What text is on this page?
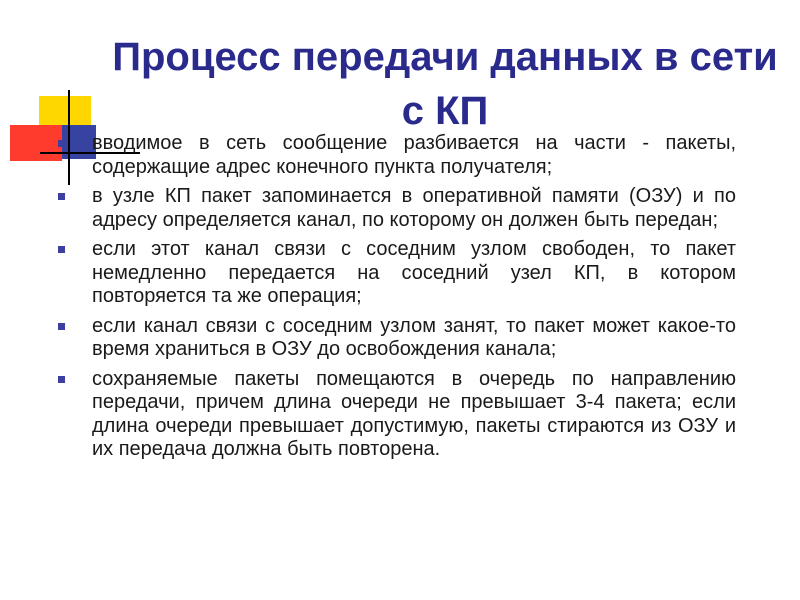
Процесс передачи данных в сети с КП
вводимое в сеть сообщение разбивается на части - пакеты, содержащие адрес конечного пункта получателя;
в узле КП пакет запоминается в оперативной памяти (ОЗУ) и по адресу определяется канал, по которому он должен быть передан;
если этот канал связи с соседним узлом свободен, то пакет немедленно передается на соседний узел КП, в котором повторяется та же операция;
если канал связи с соседним узлом занят, то пакет может какое-то время храниться в ОЗУ до освобождения канала;
сохраняемые пакеты помещаются в очередь по направлению передачи, причем длина очереди не превышает 3-4 пакета; если длина очереди превышает допустимую, пакеты стираются из ОЗУ и их передача должна быть повторена.
